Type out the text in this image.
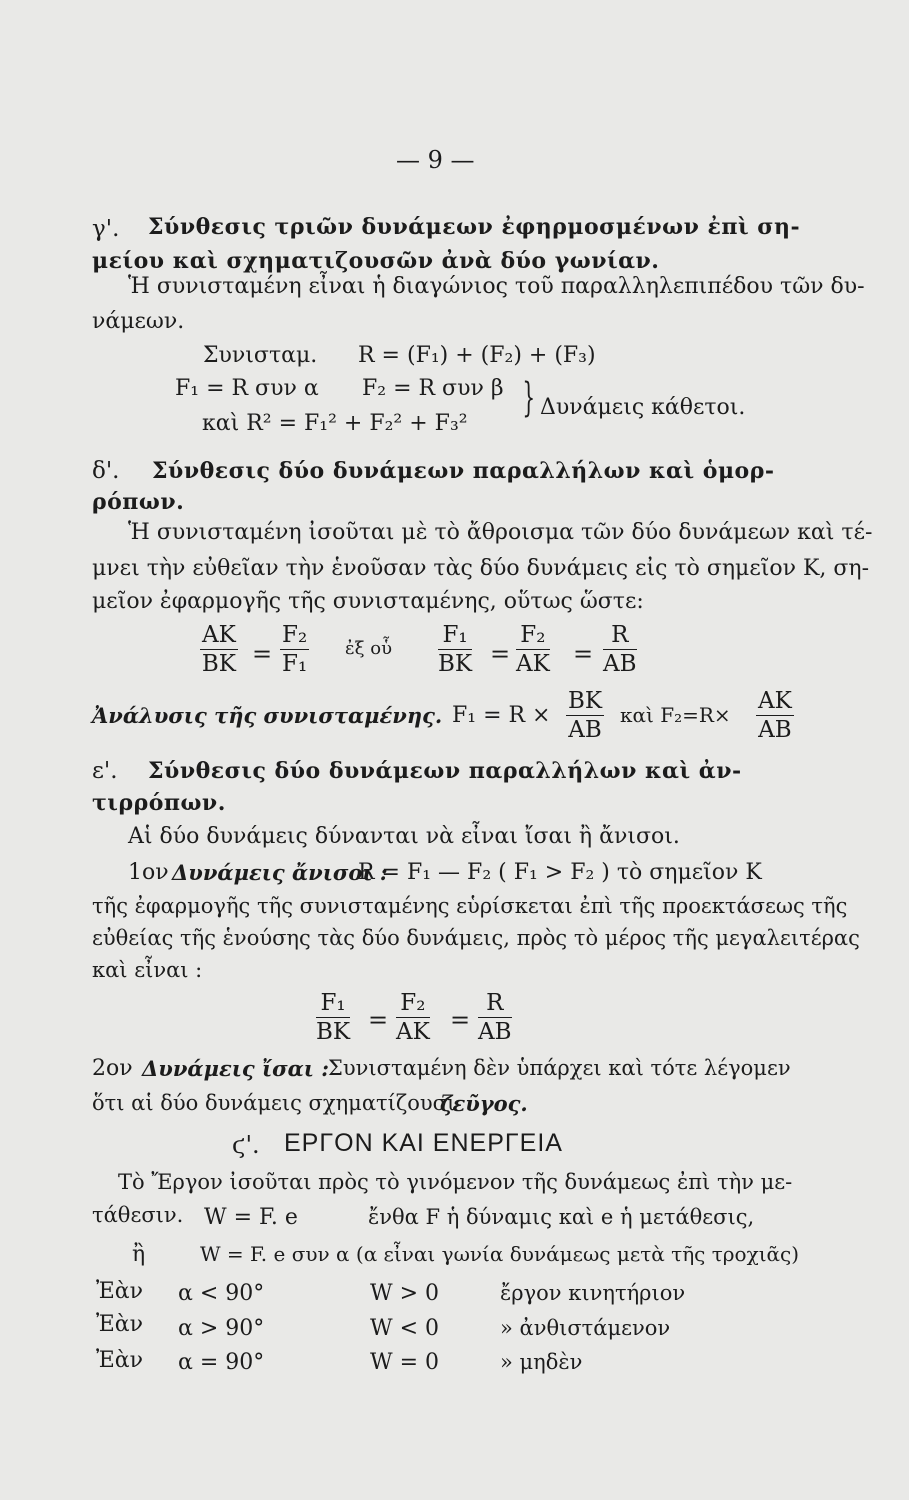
— 9 —
γ'. Σύνθεσις τριῶν δυνάμεων ἐφηρμοσμένων ἐπὶ ση-
μείου καὶ σχηματιζουσῶν ἀνὰ δύο γωνίαν.
Ἡ συνισταμένη εἶναι ἡ διαγώνιος τοῦ παραλληλεπιπέδου τῶν δυ-
νάμεων.
Συνισταμ. R = (F₁) + (F₂) + (F₃)
F₁ = R συν α F₂ = R συν β
καὶ R² = F₁² + F₂² + F₃²
} Δυνάμεις κάθετοι.
δ'. Σύνθεσις δύο δυνάμεων παραλλήλων καὶ ὁμορ-
ρόπων.
Ἡ συνισταμένη ἰσοῦται μὲ τὸ ἄθροισμα τῶν δύο δυνάμεων καὶ τέ-
μνει τὴν εὐθεῖαν τὴν ἑνοῦσαν τὰς δύο δυνάμεις εἰς τὸ σημεῖον Κ, ση-
μεῖον ἐφαρμογῆς τῆς συνισταμένης, οὕτως ὥστε:
$\frac{AK}{BK} = \frac{\text{F₂}}{\text{F₁}}$ ἐξ οὗ $\frac{\text{F₁}}{BK} = \frac{\text{F₂}}{AK} = \frac{R}{AB}$
Ἀνάλυσις τῆς συνισταμένης. $F_1 = R \times \frac{BK}{AB}$ καὶ $F_2=R\times \frac{AK}{AB}$
ε'. Σύνθεσις δύο δυνάμεων παραλλήλων καὶ ἀν-
τιρρόπων.
Αἱ δύο δυνάμεις δύνανται νὰ εἶναι ἴσαι ἢ ἄνισοι.
1ον Δυνάμεις ἄνισοι :
R = F₁ — F₂ ( F₁ > F₂ ) τὸ σημεῖον Κ
τῆς ἐφαρμογῆς τῆς συνισταμένης εὑρίσκεται ἐπὶ τῆς προεκτάσεως τῆς
εὐθείας τῆς ἑνούσης τὰς δύο δυνάμεις, πρὸς τὸ μέρος τῆς μεγαλειτέρας
καὶ εἶναι :
$\frac{\text{F₁}}{BK} = \frac{\text{F₂}}{AK} = \frac{R}{AB}$
2ον Δυνάμεις ἴσαι :
Συνισταμένη δὲν ὑπάρχει καὶ τότε λέγομεν
ὅτι αἱ δύο δυνάμεις σχηματίζουσι
ζεῦγος.
ϛ'. ΕΡΓΟΝ ΚΑΙ ΕΝΕΡΓΕΙΑ
Τὸ Ἔργον ἰσοῦται πρὸς τὸ γινόμενον τῆς δυνάμεως ἐπὶ τὴν με-
τάθεσιν. W = F. e	ἔνθα F ἡ δύναμις καὶ e ἡ μετάθεσις,
ἢ	W = F. e συν α (α εἶναι γωνία δυνάμεως μετὰ τῆς τροχιᾶς)
Ἐὰν α < 90°	W > 0	ἔργον κινητήριον
Ἐὰν α > 90°	W < 0	» ἀνθιστάμενον
Ἐὰν α = 90°	W = 0	» μηδὲν
